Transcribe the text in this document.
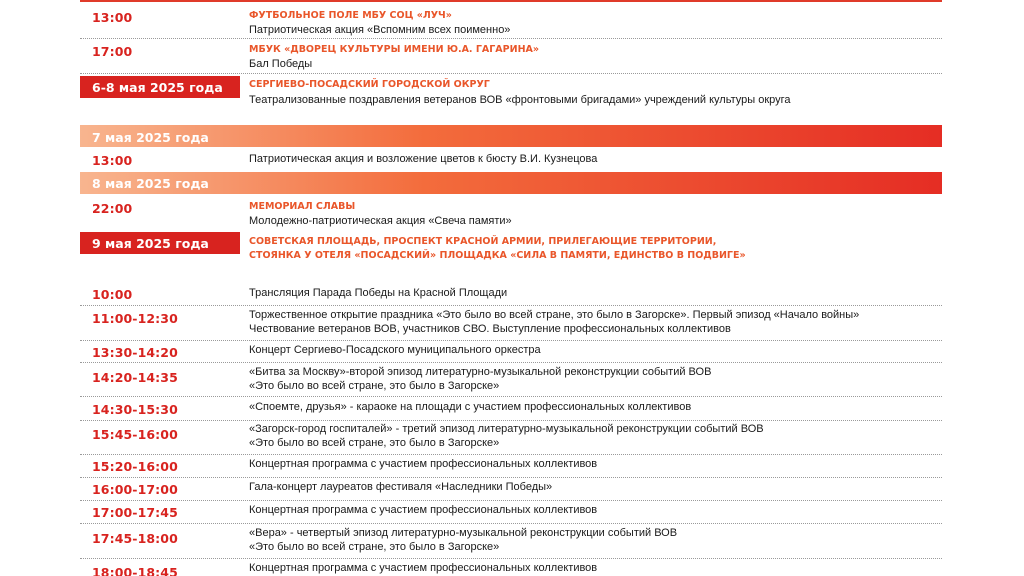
13:00	ФУТБОЛЬНОЕ ПОЛЕ МБУ СОЦ «ЛУЧ»
Патриотическая акция «Вспомним всех поименно»
17:00	МБУК «ДВОРЕЦ КУЛЬТУРЫ ИМЕНИ Ю.А. ГАГАРИНА»
Бал Победы
6-8 мая 2025 года	СЕРГИЕВО-ПОСАДСКИЙ ГОРОДСКОЙ ОКРУГ
Театрализованные поздравления ветеранов ВОВ «фронтовыми бригадами» учреждений культуры округа
7 мая 2025 года
13:00	Патриотическая акция и возложение цветов к бюсту В.И. Кузнецова
8 мая 2025 года
22:00	МЕМОРИАЛ СЛАВЫ
Молодежно-патриотическая акция «Свеча памяти»
9 мая 2025 года	СОВЕТСКАЯ ПЛОЩАДЬ, ПРОСПЕКТ КРАСНОЙ АРМИИ, ПРИЛЕГАЮЩИЕ ТЕРРИТОРИИ,
СТОЯНКА У ОТЕЛЯ «ПОСАДСКИЙ» ПЛОЩАДКА «СИЛА В ПАМЯТИ, ЕДИНСТВО В ПОДВИГЕ»
10:00	Трансляция Парада Победы на Красной Площади
11:00-12:30	Торжественное открытие праздника «Это было во всей стране, это было в Загорске». Первый эпизод «Начало войны»
Чествование ветеранов ВОВ, участников СВО. Выступление профессиональных коллективов
13:30-14:20	Концерт Сергиево-Посадского муниципального оркестра
14:20-14:35	«Битва за Москву»-второй эпизод литературно-музыкальной реконструкции событий ВОВ
«Это было во всей стране, это было в Загорске»
14:30-15:30	«Споемте, друзья» - караоке на площади с участием профессиональных коллективов
15:45-16:00	«Загорск-город госпиталей» - третий эпизод литературно-музыкальной реконструкции событий ВОВ
«Это было во всей стране, это было в Загорске»
15:20-16:00	Концертная программа с участием профессиональных коллективов
16:00-17:00	Гала-концерт лауреатов фестиваля «Наследники Победы»
17:00-17:45	Концертная программа с участием профессиональных коллективов
17:45-18:00	«Вера» - четвертый эпизод литературно-музыкальной реконструкции событий ВОВ
«Это было во всей стране, это было в Загорске»
18:00-18:45	Концертная программа с участием профессиональных коллективов
